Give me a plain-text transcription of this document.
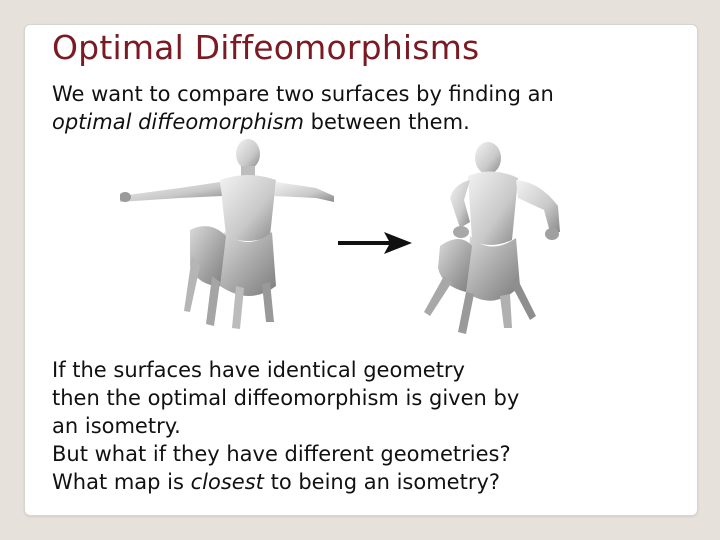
Optimal Diffeomorphisms
We want to compare two surfaces by finding an
optimal diffeomorphism between them.
If the surfaces have identical geometry
then the optimal diffeomorphism is given by
an isometry.
But what if they have different geometries?
What map is closest to being an isometry?
